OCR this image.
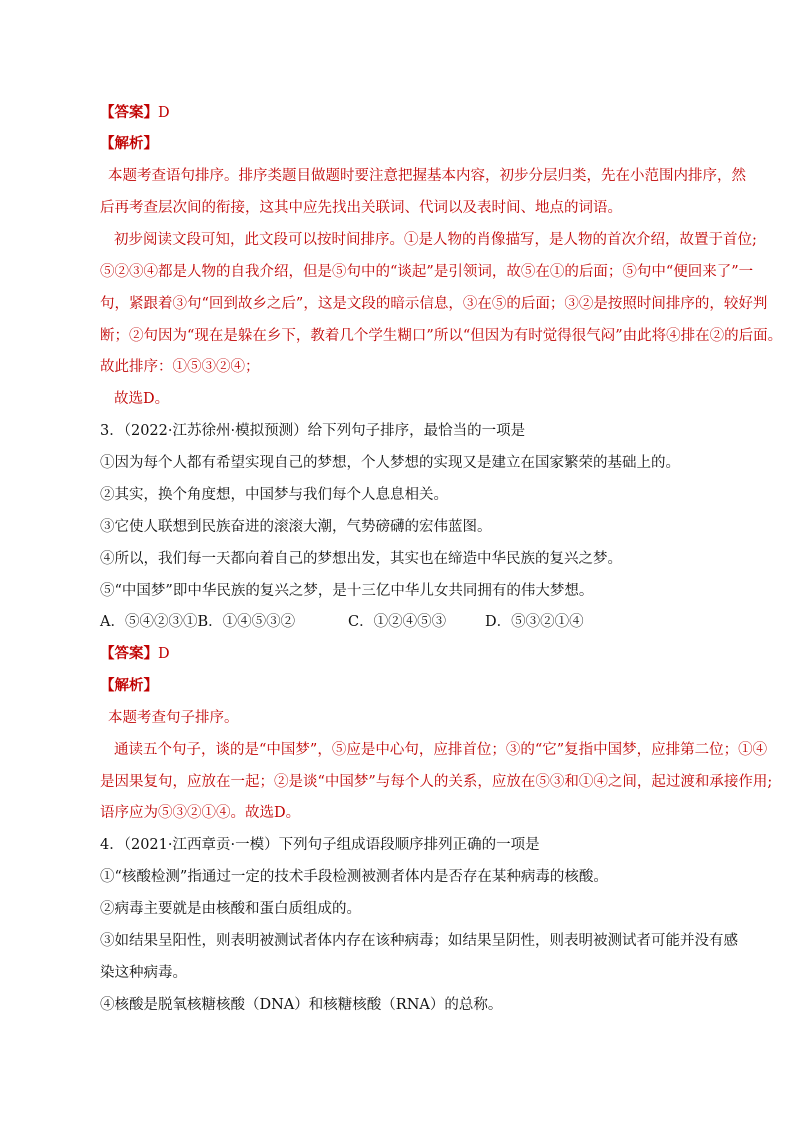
【答案】D
【解析】
本题考查语句排序。排序类题目做题时要注意把握基本内容，初步分层归类，先在小范围内排序，然
后再考查层次间的衔接，这其中应先找出关联词、代词以及表时间、地点的词语。
初步阅读文段可知，此文段可以按时间排序。①是人物的肖像描写，是人物的首次介绍，故置于首位;
⑤②③④都是人物的自我介绍，但是⑤句中的“谈起”是引领词，故⑤在①的后面；⑤句中“便回来了”一
句，紧跟着③句“回到故乡之后”，这是文段的暗示信息，③在⑤的后面；③②是按照时间排序的，较好判
断；②句因为“现在是躲在乡下，教着几个学生糊口”所以“但因为有时觉得很气闷”由此将④排在②的后面。
故此排序：①⑤③②④；
故选D。
3．（2022·江苏徐州·模拟预测）给下列句子排序，最恰当的一项是
①因为每个人都有希望实现自己的梦想，个人梦想的实现又是建立在国家繁荣的基础上的。
②其实，换个角度想，中国梦与我们每个人息息相关。
③它使人联想到民族奋进的滚滚大潮，气势磅礴的宏伟蓝图。
④所以，我们每一天都向着自己的梦想出发，其实也在缔造中华民族的复兴之梦。
⑤“中国梦”即中华民族的复兴之梦，是十三亿中华儿女共同拥有的伟大梦想。
A．⑤④②③①B．①④⑤③②	C．①②④⑤③	D．⑤③②①④
【答案】D
【解析】
本题考查句子排序。
通读五个句子，谈的是“中国梦”，⑤应是中心句，应排首位；③的“它”复指中国梦，应排第二位；①④
是因果复句，应放在一起；②是谈“中国梦”与每个人的关系，应放在⑤③和①④之间，起过渡和承接作用;
语序应为⑤③②①④。故选D。
4．（2021·江西章贡·一模）下列句子组成语段顺序排列正确的一项是
①“核酸检测”指通过一定的技术手段检测被测者体内是否存在某种病毒的核酸。
②病毒主要就是由核酸和蛋白质组成的。
③如结果呈阳性，则表明被测试者体内存在该种病毒；如结果呈阴性，则表明被测试者可能并没有感
染这种病毒。
④核酸是脱氧核糖核酸（DNA）和核糖核酸（RNA）的总称。
